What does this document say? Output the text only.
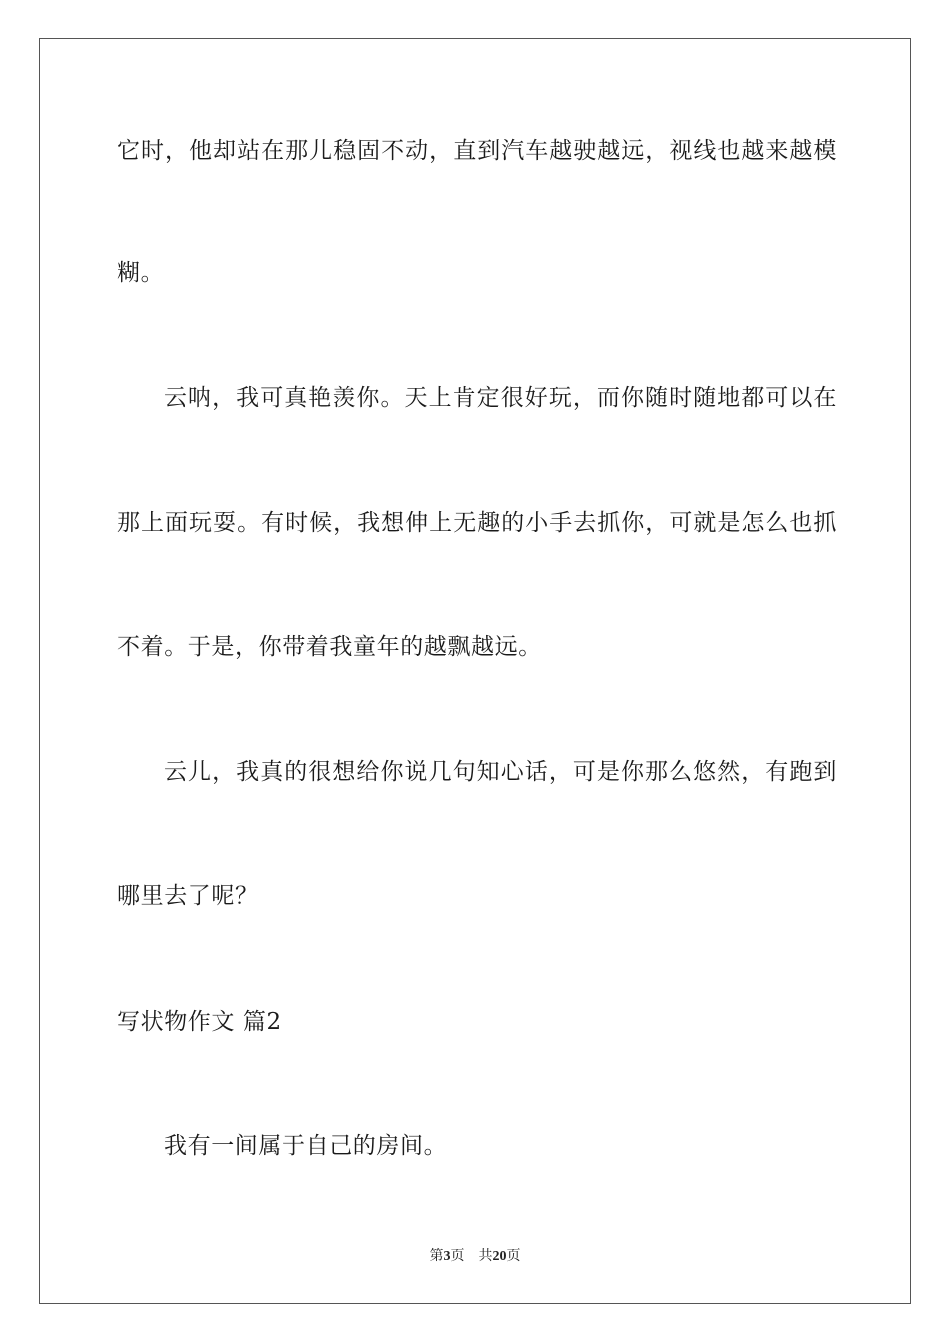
它时，他却站在那儿稳固不动，直到汽车越驶越远，视线也越来越模
糊。
云呐，我可真艳羡你。天上肯定很好玩，而你随时随地都可以在
那上面玩耍。有时候，我想伸上无趣的小手去抓你，可就是怎么也抓
不着。于是，你带着我童年的越飘越远。
云儿，我真的很想给你说几句知心话，可是你那么悠然，有跑到
哪里去了呢？
写状物作文 篇2
我有一间属于自己的房间。
第3页 共20页
